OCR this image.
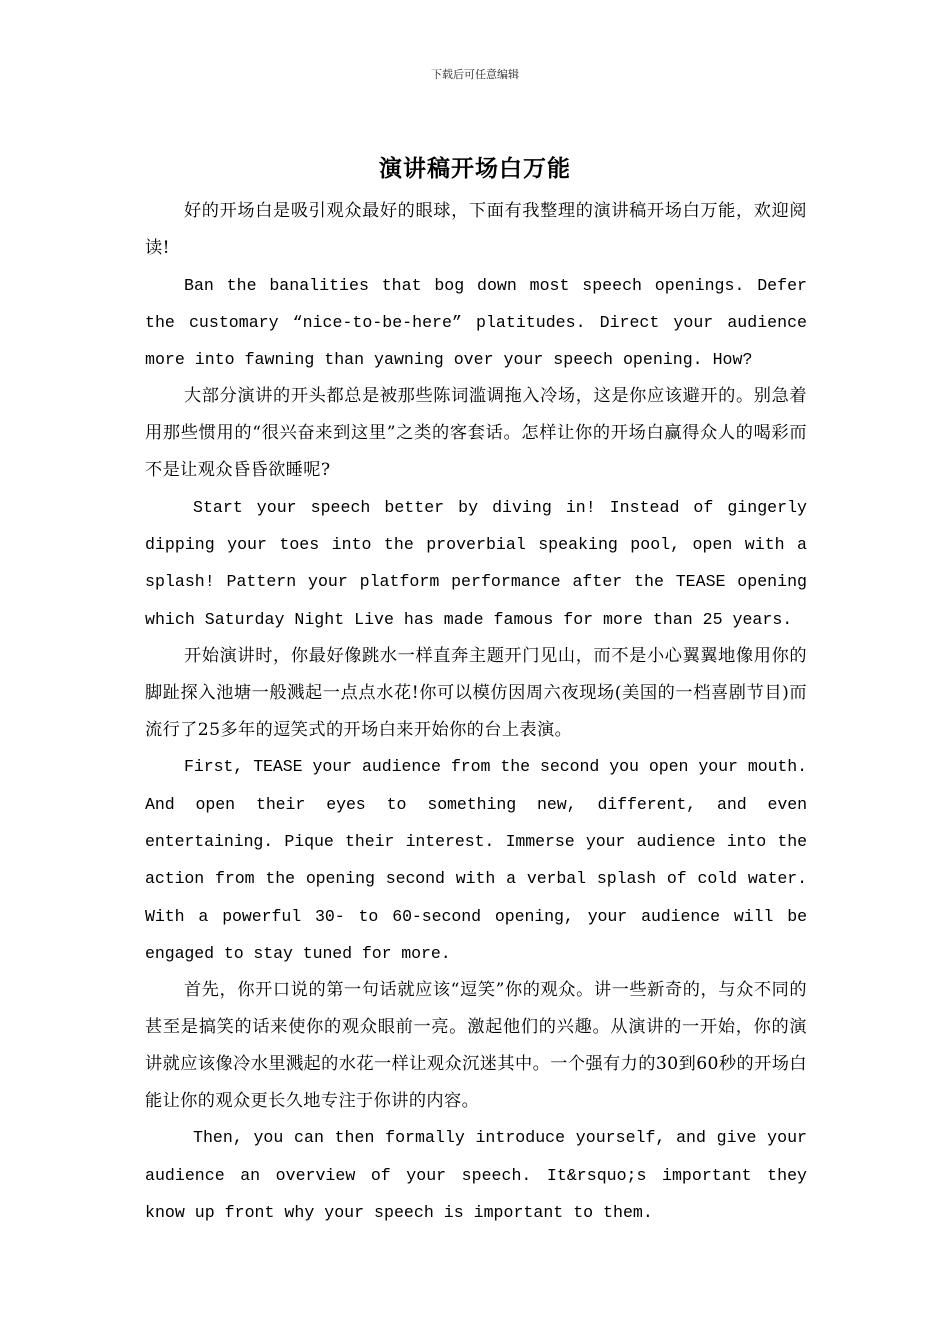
下载后可任意编辑
演讲稿开场白万能

好的开场白是吸引观众最好的眼球，下面有我整理的演讲稿开场白万能，欢迎阅读!

Ban the banalities that bog down most speech openings. Defer the customary “nice-to-be-here” platitudes. Direct your audience more into fawning than yawning over your speech opening. How?

大部分演讲的开头都总是被那些陈词滥调拖入冷场，这是你应该避开的。别急着用那些惯用的“很兴奋来到这里”之类的客套话。怎样让你的开场白赢得众人的喝彩而不是让观众昏昏欲睡呢?

Start your speech better by diving in! Instead of gingerly dipping your toes into the proverbial speaking pool, open with a splash! Pattern your platform performance after the TEASE opening which Saturday Night Live has made famous for more than 25 years.

开始演讲时，你最好像跳水一样直奔主题开门见山，而不是小心翼翼地像用你的脚趾探入池塘一般溅起一点点水花!你可以模仿因周六夜现场(美国的一档喜剧节目)而流行了25多年的逗笑式的开场白来开始你的台上表演。

First, TEASE your audience from the second you open your mouth. And open their eyes to something new, different, and even entertaining. Pique their interest. Immerse your audience into the action from the opening second with a verbal splash of cold water. With a powerful 30- to 60-second opening, your audience will be engaged to stay tuned for more.

首先，你开口说的第一句话就应该“逗笑”你的观众。讲一些新奇的，与众不同的甚至是搞笑的话来使你的观众眼前一亮。激起他们的兴趣。从演讲的一开始，你的演讲就应该像冷水里溅起的水花一样让观众沉迷其中。一个强有力的30到60秒的开场白能让你的观众更长久地专注于你讲的内容。

Then, you can then formally introduce yourself, and give your audience an overview of your speech. It&rsquo;s important they know up front why your speech is important to them.
